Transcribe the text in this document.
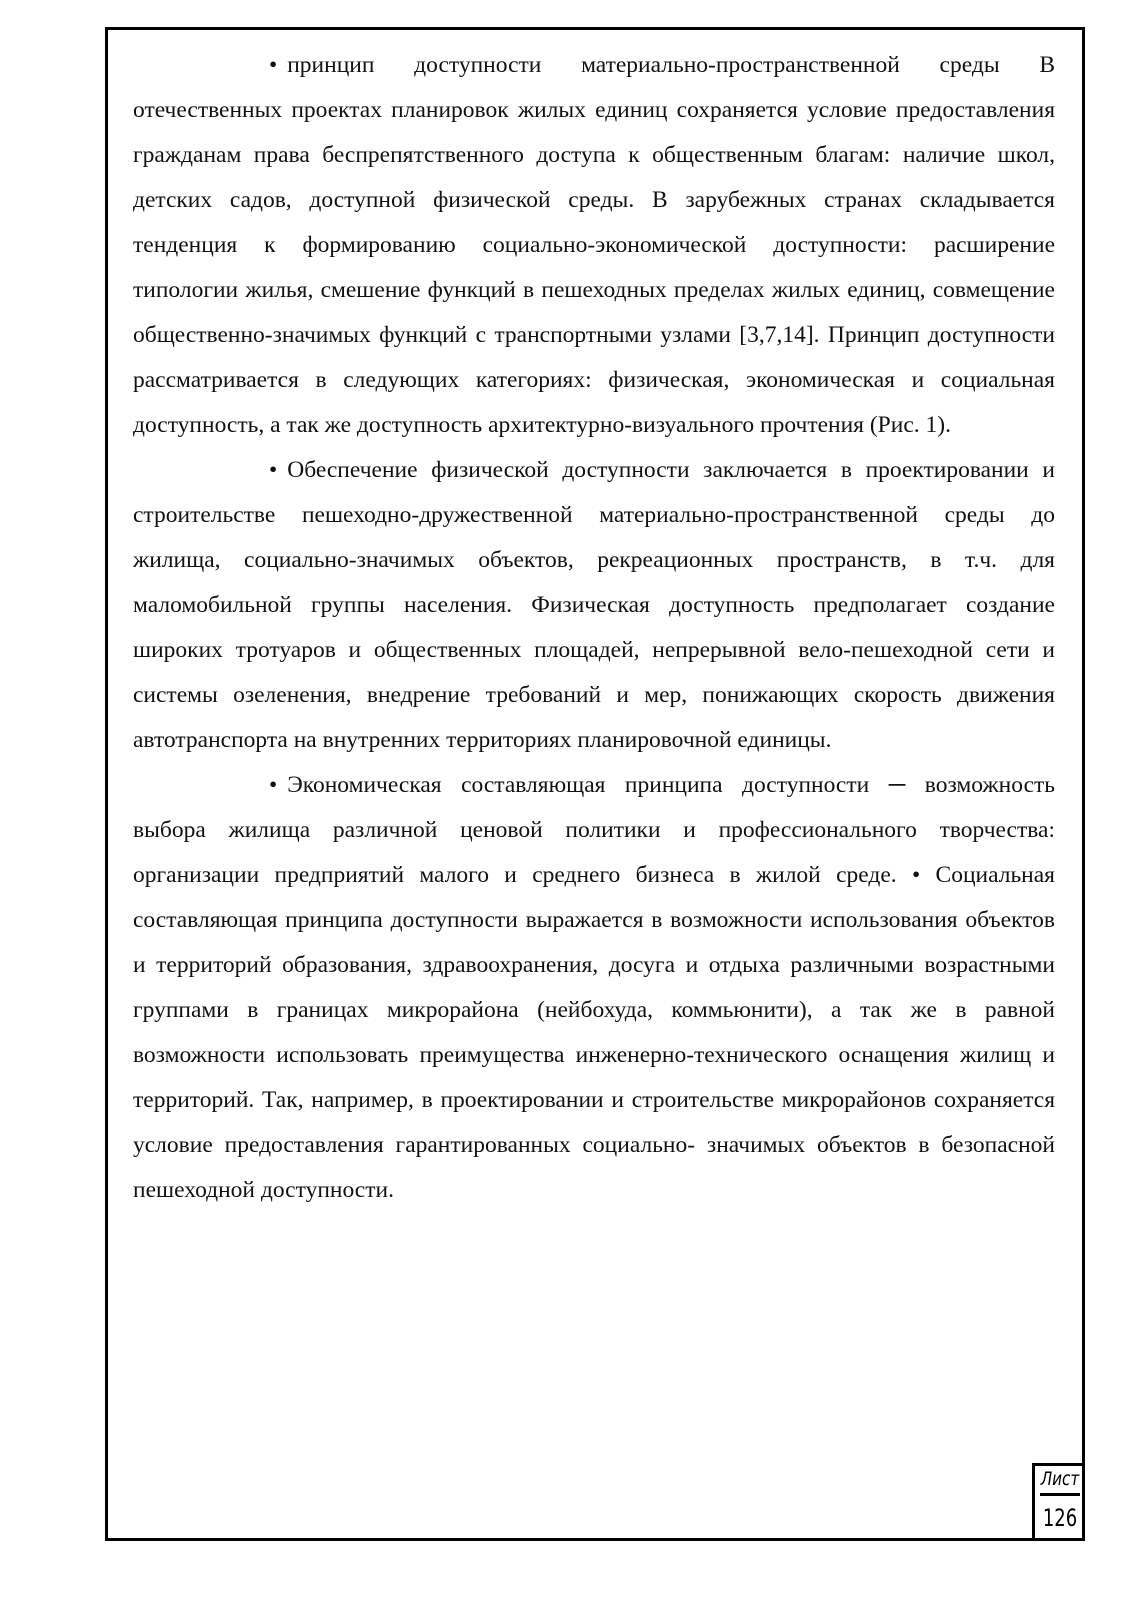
• принцип доступности материально-пространственной среды В отечественных проектах планировок жилых единиц сохраняется условие предоставления гражданам права беспрепятственного доступа к общественным благам: наличие школ, детских садов, доступной физической среды. В зарубежных странах складывается тенденция к формированию социально-экономической доступности: расширение типологии жилья, смешение функций в пешеходных пределах жилых единиц, совмещение общественно-значимых функций с транспортными узлами [3,7,14]. Принцип доступности рассматривается в следующих категориях: физическая, экономическая и социальная доступность, а так же доступность архитектурно-визуального прочтения (Рис. 1).

• Обеспечение физической доступности заключается в проектировании и строительстве пешеходно-дружественной материально-пространственной среды до жилища, социально-значимых объектов, рекреационных пространств, в т.ч. для маломобильной группы населения. Физическая доступность предполагает создание широких тротуаров и общественных площадей, непрерывной вело-пешеходной сети и системы озеленения, внедрение требований и мер, понижающих скорость движения автотранспорта на внутренних территориях планировочной единицы.

• Экономическая составляющая принципа доступности ─ возможность выбора жилища различной ценовой политики и профессионального творчества: организации предприятий малого и среднего бизнеса в жилой среде. • Социальная составляющая принципа доступности выражается в возможности использования объектов и территорий образования, здравоохранения, досуга и отдыха различными возрастными группами в границах микрорайона (нейбохуда, коммьюнити), а так же в равной возможности использовать преимущества инженерно-технического оснащения жилищ и территорий. Так, например, в проектировании и строительстве микрорайонов сохраняется условие предоставления гарантированных социально- значимых объектов в безопасной пешеходной доступности.

Лист
126
